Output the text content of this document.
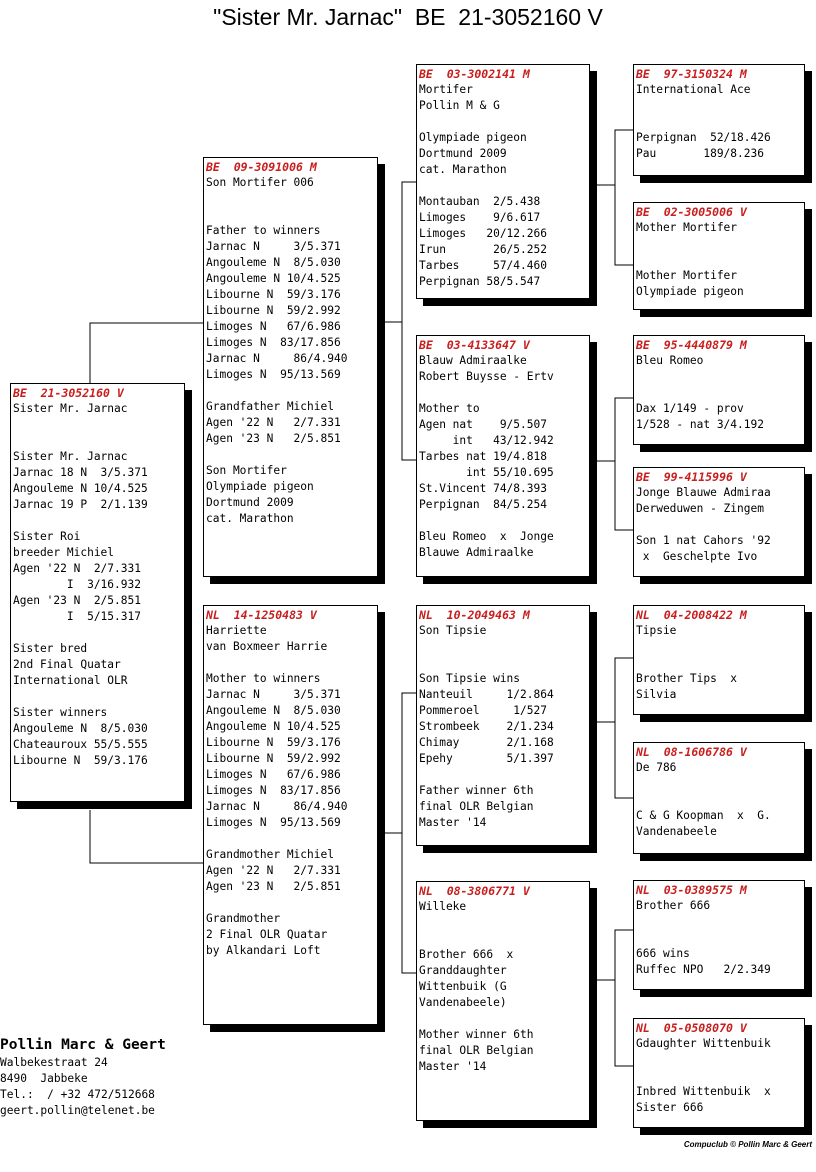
"Sister Mr. Jarnac"  BE  21-3052160 V
BE  21-3052160 V
Sister Mr. Jarnac
Sister Mr. Jarnac
Jarnac 18 N  3/5.371
Angouleme N 10/4.525
Jarnac 19 P  2/1.139
Sister Roi
breeder Michiel
Agen '22 N  2/7.331
I  3/16.932
Agen '23 N  2/5.851
I  5/15.317
Sister bred
2nd Final Quatar
International OLR
Sister winners
Angouleme N  8/5.030
Chateauroux 55/5.555
Libourne N  59/3.176
BE  09-3091006 M
Son Mortifer 006
Father to winners
Jarnac N     3/5.371
Angouleme N  8/5.030
Angouleme N 10/4.525
Libourne N  59/3.176
Libourne N  59/2.992
Limoges N   67/6.986
Limoges N  83/17.856
Jarnac N     86/4.940
Limoges N  95/13.569
Grandfather Michiel
Agen '22 N   2/7.331
Agen '23 N   2/5.851
Son Mortifer
Olympiade pigeon
Dortmund 2009
cat. Marathon
NL  14-1250483 V
Harriette
van Boxmeer Harrie
Mother to winners
Jarnac N     3/5.371
Angouleme N  8/5.030
Angouleme N 10/4.525
Libourne N  59/3.176
Libourne N  59/2.992
Limoges N   67/6.986
Limoges N  83/17.856
Jarnac N     86/4.940
Limoges N  95/13.569
Grandmother Michiel
Agen '22 N   2/7.331
Agen '23 N   2/5.851
Grandmother
2 Final OLR Quatar
by Alkandari Loft
BE  03-3002141 M
Mortifer
Pollin M & G
Olympiade pigeon
Dortmund 2009
cat. Marathon
Montauban  2/5.438
Limoges    9/6.617
Limoges   20/12.266
Irun       26/5.252
Tarbes     57/4.460
Perpignan 58/5.547
BE  03-4133647 V
Blauw Admiraalke
Robert Buysse - Ertv
Mother to
Agen nat    9/5.507
int   43/12.942
Tarbes nat 19/4.818
int 55/10.695
St.Vincent 74/8.393
Perpignan  84/5.254
Bleu Romeo  x  Jonge
Blauwe Admiraalke
NL  10-2049463 M
Son Tipsie
Son Tipsie wins
Nanteuil     1/2.864
Pommeroel     1/527
Strombeek    2/1.234
Chimay       2/1.168
Epehy        5/1.397
Father winner 6th
final OLR Belgian
Master '14
NL  08-3806771 V
Willeke
Brother 666  x
Granddaughter
Wittenbuik (G
Vandenabeele)
Mother winner 6th
final OLR Belgian
Master '14
BE  97-3150324 M
International Ace
Perpignan  52/18.426
Pau       189/8.236
BE  02-3005006 V
Mother Mortifer
Mother Mortifer
Olympiade pigeon
BE  95-4440879 M
Bleu Romeo
Dax 1/149 - prov
1/528 - nat 3/4.192
BE  99-4115996 V
Jonge Blauwe Admiraa
Derweduwen - Zingem
Son 1 nat Cahors '92
x  Geschelpte Ivo
NL  04-2008422 M
Tipsie
Brother Tips  x
Silvia
NL  08-1606786 V
De 786
C & G Koopman  x  G.
Vandenabeele
NL  03-0389575 M
Brother 666
666 wins
Ruffec NPO   2/2.349
NL  05-0508070 V
Gdaughter Wittenbuik
Inbred Wittenbuik  x
Sister 666
Pollin Marc & Geert
Walbekestraat 24
8490  Jabbeke
Tel.:  / +32 472/512668
geert.pollin@telenet.be
Compuclub © Pollin Marc & Geert
